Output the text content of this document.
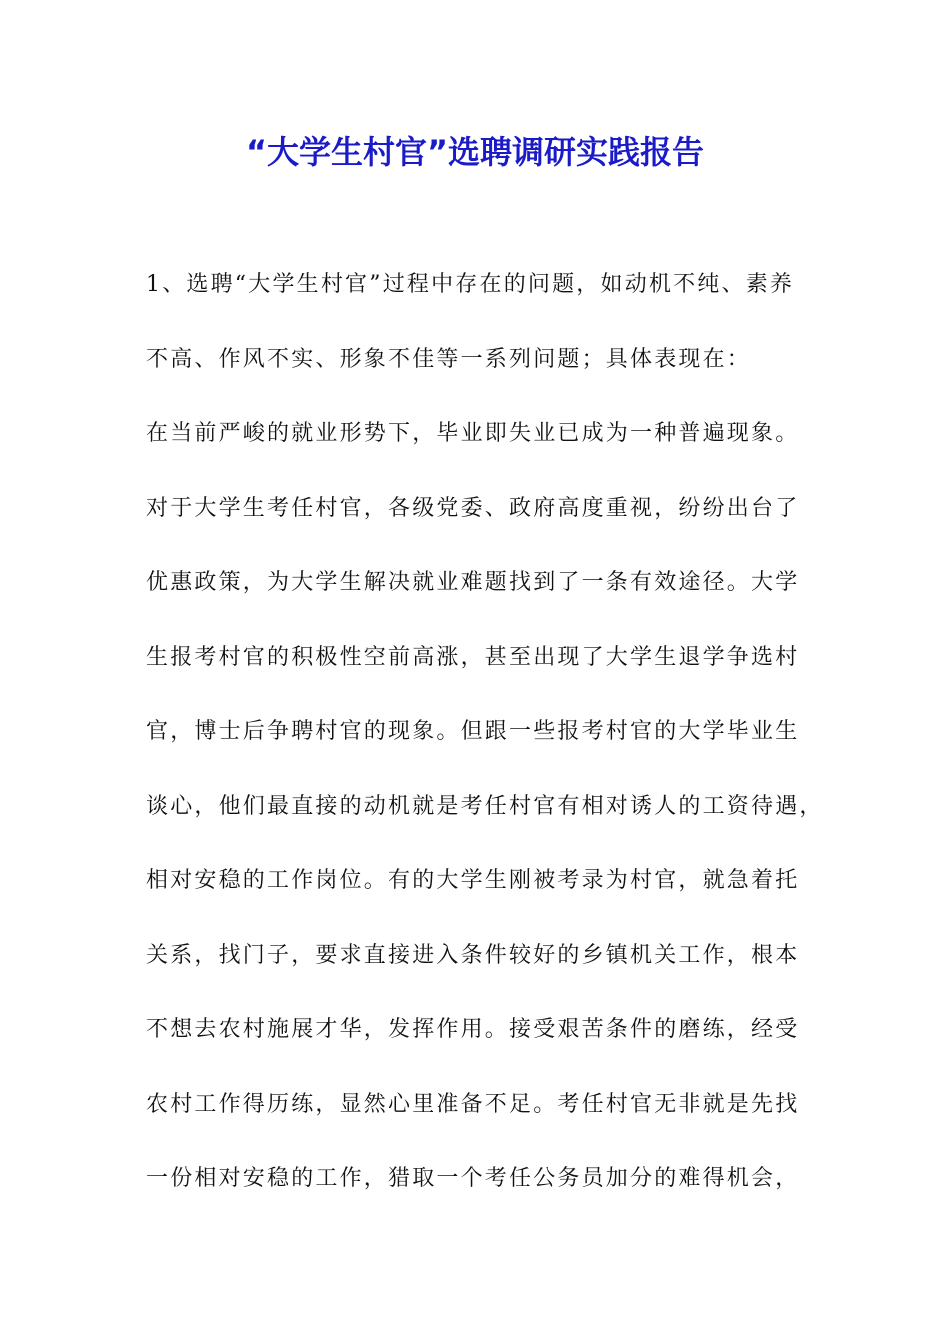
“大学生村官”选聘调研实践报告
1、选聘“大学生村官”过程中存在的问题，如动机不纯、素养
不高、作风不实、形象不佳等一系列问题；具体表现在：
在当前严峻的就业形势下，毕业即失业已成为一种普遍现象。
对于大学生考任村官，各级党委、政府高度重视，纷纷出台了
优惠政策，为大学生解决就业难题找到了一条有效途径。大学
生报考村官的积极性空前高涨，甚至出现了大学生退学争选村
官，博士后争聘村官的现象。但跟一些报考村官的大学毕业生
谈心，他们最直接的动机就是考任村官有相对诱人的工资待遇，
相对安稳的工作岗位。有的大学生刚被考录为村官，就急着托
关系，找门子，要求直接进入条件较好的乡镇机关工作，根本
不想去农村施展才华，发挥作用。接受艰苦条件的磨练，经受
农村工作得历练，显然心里准备不足。考任村官无非就是先找
一份相对安稳的工作，猎取一个考任公务员加分的难得机会，
